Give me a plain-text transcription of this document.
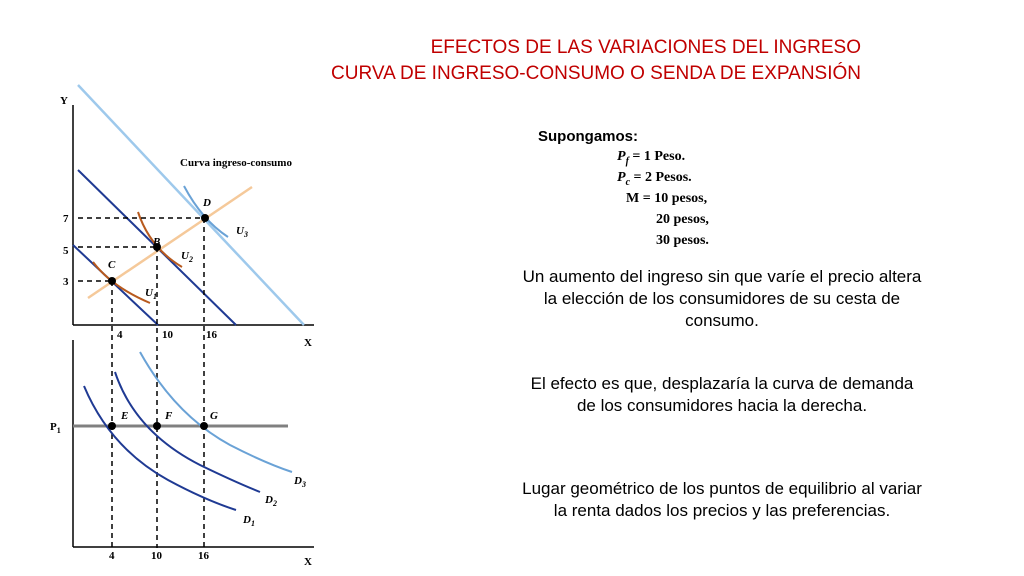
EFECTOS DE LAS VARIACIONES DEL INGRESO
CURVA DE INGRESO-CONSUMO O SENDA DE EXPANSIÓN
Y
X
D
B
C
Curva ingreso-consumo
$U_3$
$U_2$
$U_1$
7
5
3
4	10	16
X
$P_1$
E	F	G
$D_3$
$D_2$
$D_1$
4	10	16
Supongamos:
$P_f = 1$ Peso.
$P_c = 2$ Pesos.
M = 10 pesos,
20 pesos,
30 pesos.
Un aumento del ingreso sin que varíe el precio altera la elección de los consumidores de su cesta de consumo.
El efecto es que, desplazaría la curva de demanda de los consumidores hacia la derecha.
Lugar geométrico de los puntos de equilibrio al variar la renta dados los precios y las preferencias.
